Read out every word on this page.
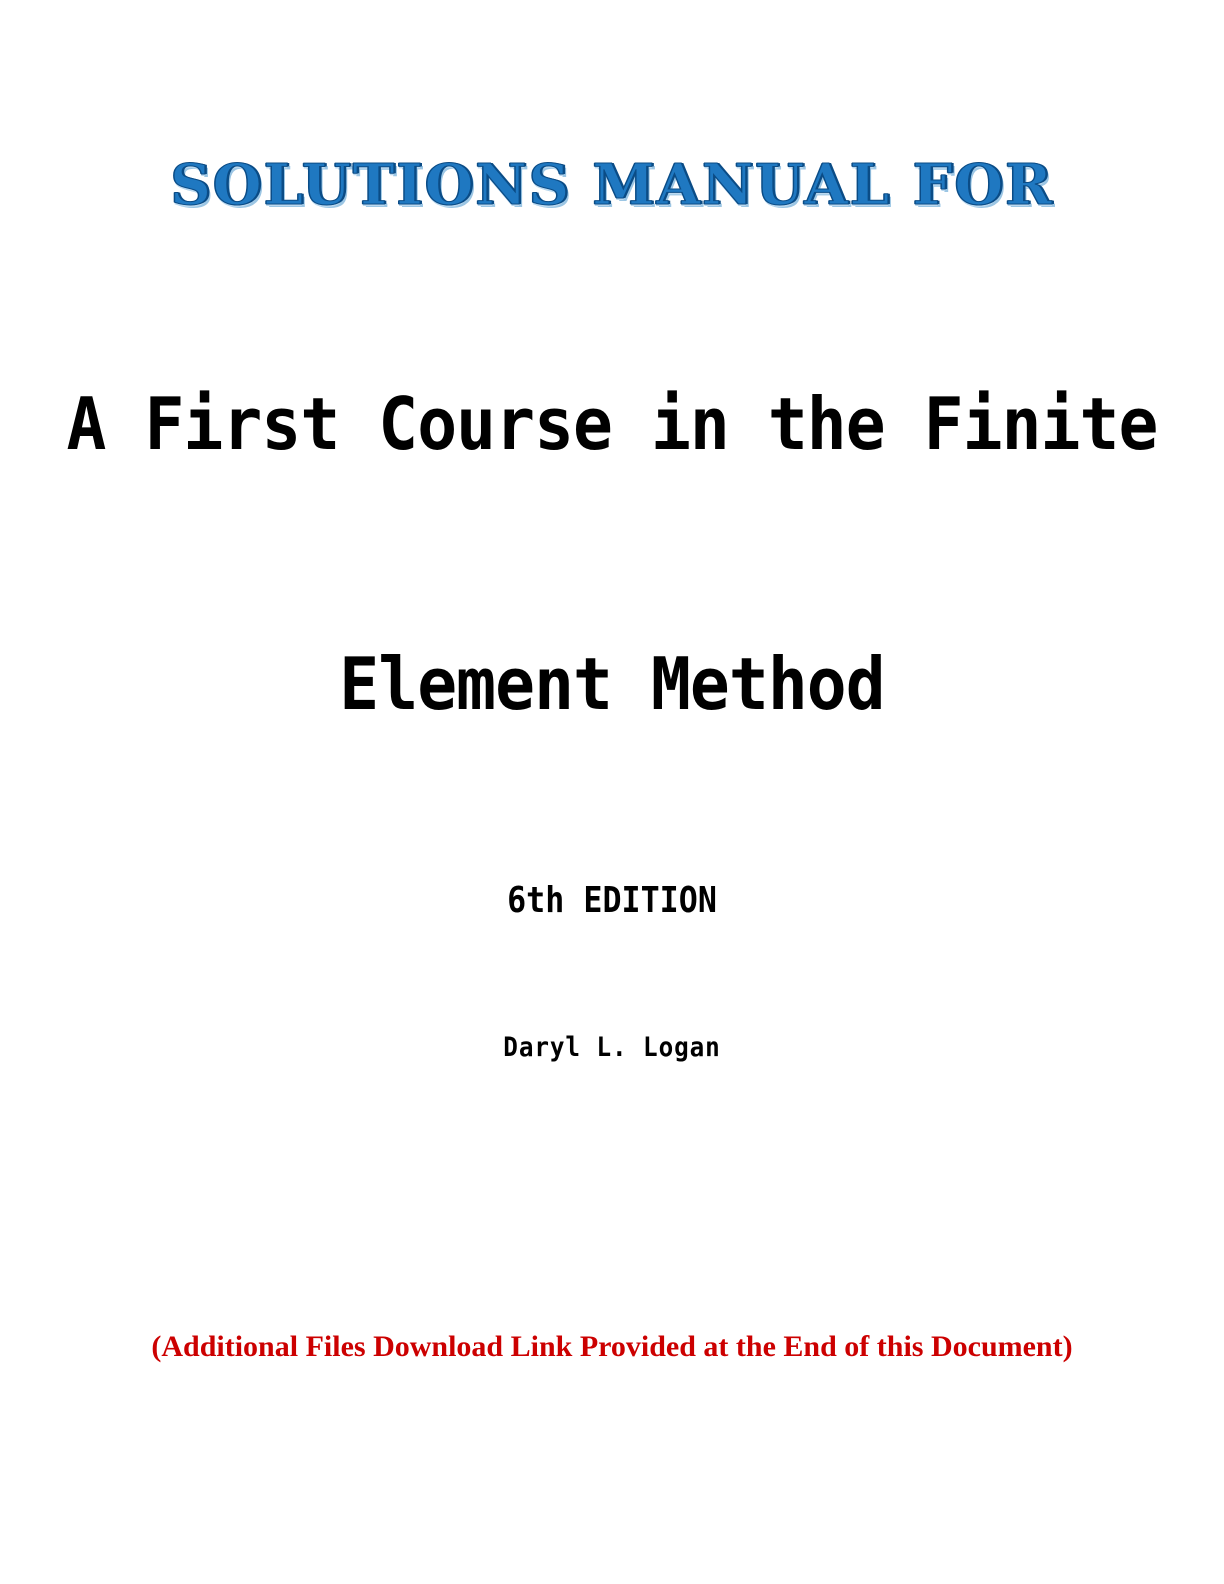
SOLUTIONS MANUAL FOR
A First Course in the Finite
Element Method
6th EDITION
Daryl L. Logan
(Additional Files Download Link Provided at the End of this Document)
